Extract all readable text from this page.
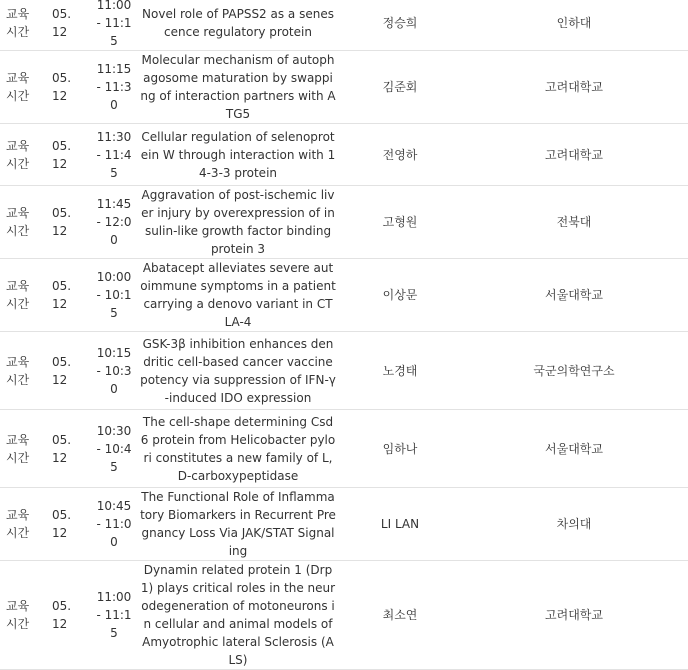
교육시간	05.12	11:00 - 11:15	Novel role of PAPSS2 as a senescence regulatory protein	정승희	인하대

교육시간	05.12	11:15 - 11:30	Molecular mechanism of autophagosome maturation by swapping of interaction partners with ATG5	김준회	고려대학교

교육시간	05.12	11:30 - 11:45	Cellular regulation of selenoprotein W through interaction with 14-3-3 protein	전영하	고려대학교

교육시간	05.12	11:45 - 12:00	Aggravation of post-ischemic liver injury by overexpression of insulin-like growth factor binding protein 3	고형원	전북대

교육시간	05.12	10:00 - 10:15	Abatacept alleviates severe autoimmune symptoms in a patient carrying a denovo variant in CTLA-4	이상문	서울대학교

교육시간	05.12	10:15 - 10:30	GSK-3β inhibition enhances dendritic cell-based cancer vaccine potency via suppression of IFN-γ-induced IDO expression	노경태	국군의학연구소

교육시간	05.12	10:30 - 10:45	The cell-shape determining Csd6 protein from Helicobacter pylori constitutes a new family of L,D-carboxypeptidase	임하나	서울대학교

교육시간	05.12	10:45 - 11:00	The Functional Role of Inflammatory Biomarkers in Recurrent Pregnancy Loss Via JAK/STAT Signaling	LI LAN	차의대

교육시간	05.12	11:00 - 11:15	Dynamin related protein 1 (Drp1) plays critical roles in the neurodegeneration of motoneurons in cellular and animal models of Amyotrophic lateral Sclerosis (ALS)	최소연	고려대학교
